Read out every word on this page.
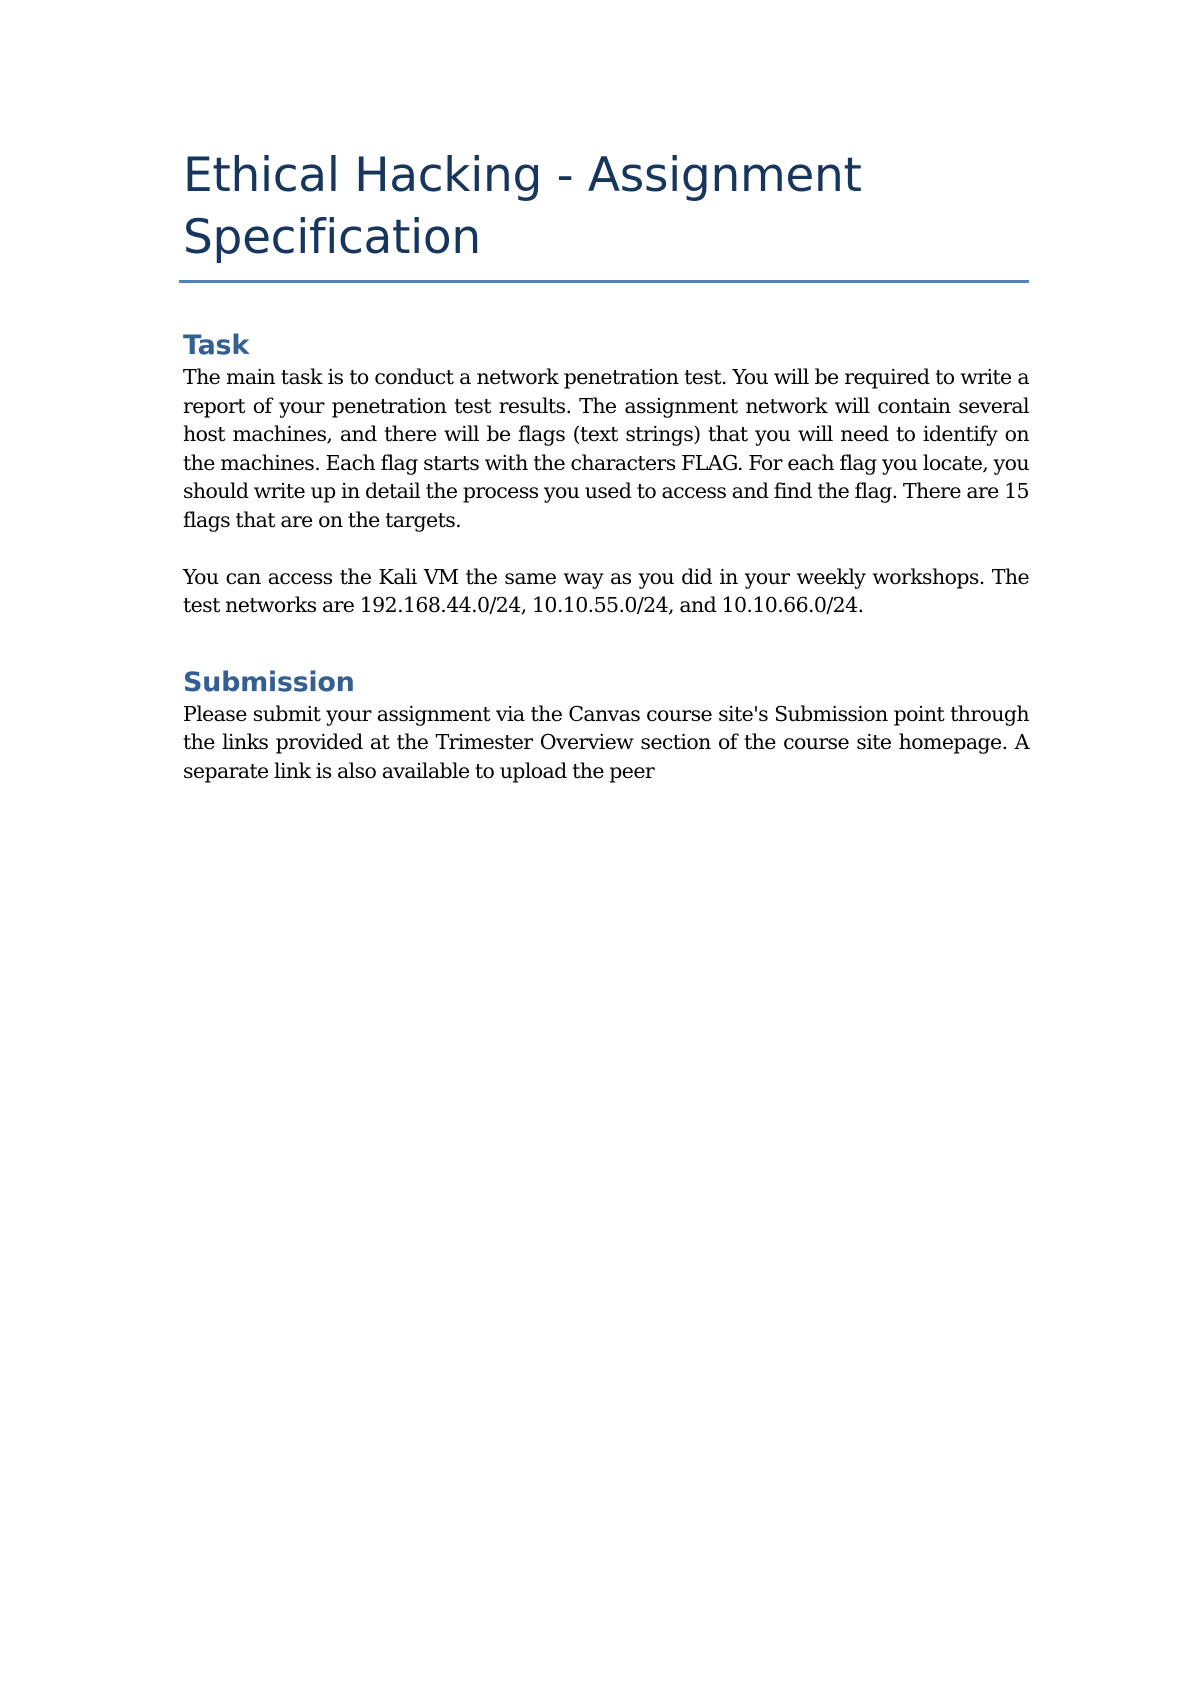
Ethical Hacking - Assignment
Specification
Task

The main task is to conduct a network penetration test. You will be required to write a report of your penetration test results. The assignment network will contain several host machines, and there will be flags (text strings) that you will need to identify on the machines. Each flag starts with the characters FLAG. For each flag you locate, you should write up in detail the process you used to access and find the flag. There are 15 flags that are on the targets.

You can access the Kali VM the same way as you did in your weekly workshops. The test networks are 192.168.44.0/24, 10.10.55.0/24, and 10.10.66.0/24.

Submission

Please submit your assignment via the Canvas course site's Submission point through the links provided at the Trimester Overview section of the course site homepage. A separate link is also available to upload the peer
